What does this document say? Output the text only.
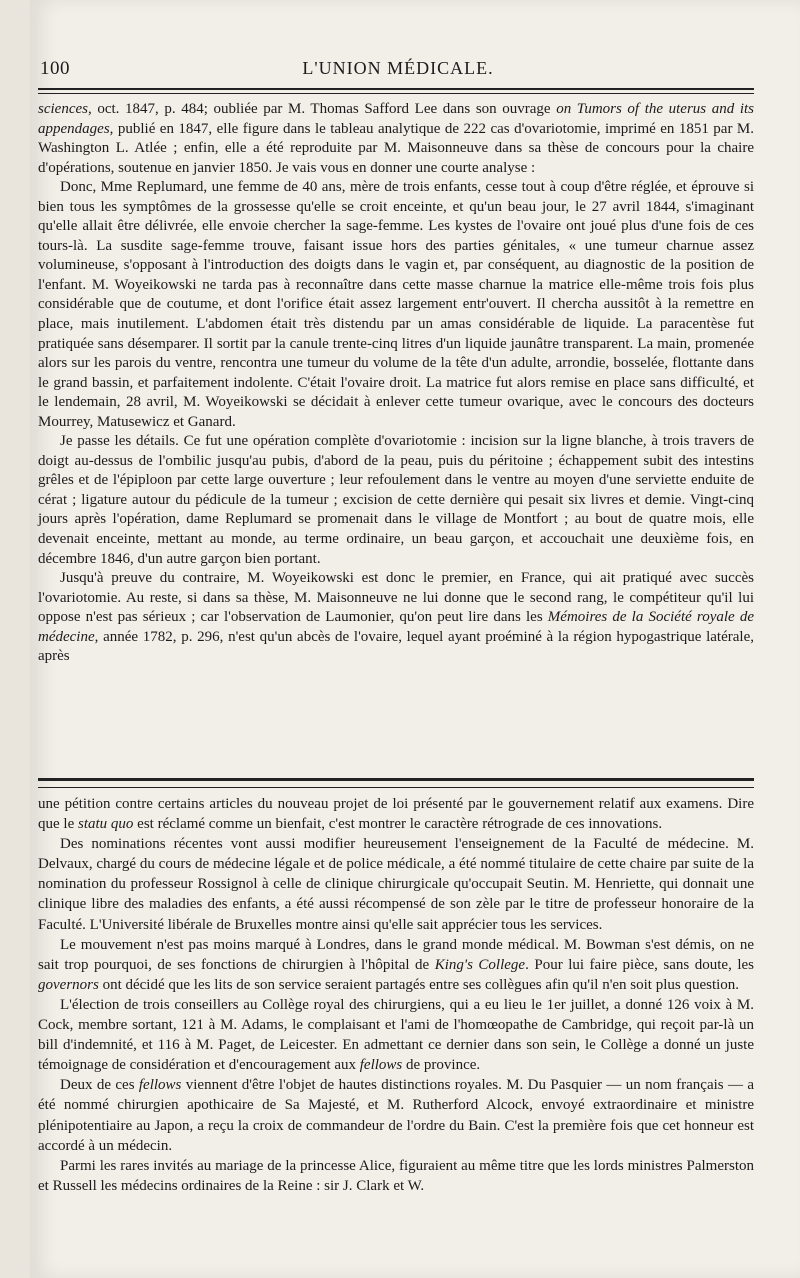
100	L'UNION MÉDICALE.

sciences, oct. 1847, p. 484; oubliée par M. Thomas Safford Lee dans son ouvrage on Tumors of the uterus and its appendages, publié en 1847, elle figure dans le tableau analytique de 222 cas d'ovariotomie, imprimé en 1851 par M. Washington L. Atlée ; enfin, elle a été reproduite par M. Maisonneuve dans sa thèse de concours pour la chaire d'opérations, soutenue en janvier 1850. Je vais vous en donner une courte analyse :

Donc, Mme Replumard, une femme de 40 ans, mère de trois enfants, cesse tout à coup d'être réglée, et éprouve si bien tous les symptômes de la grossesse qu'elle se croit enceinte, et qu'un beau jour, le 27 avril 1844, s'imaginant qu'elle allait être délivrée, elle envoie chercher la sage-femme. Les kystes de l'ovaire ont joué plus d'une fois de ces tours-là. La susdite sage-femme trouve, faisant issue hors des parties génitales, « une tumeur charnue assez volumineuse, s'opposant à l'introduction des doigts dans le vagin et, par conséquent, au diagnostic de la position de l'enfant. M. Woyeikowski ne tarda pas à reconnaître dans cette masse charnue la matrice elle-même trois fois plus considérable que de coutume, et dont l'orifice était assez largement entr'ouvert. Il chercha aussitôt à la remettre en place, mais inutilement. L'abdomen était très distendu par un amas considérable de liquide. La paracentèse fut pratiquée sans désemparer. Il sortit par la canule trente-cinq litres d'un liquide jaunâtre transparent. La main, promenée alors sur les parois du ventre, rencontra une tumeur du volume de la tête d'un adulte, arrondie, bosselée, flottante dans le grand bassin, et parfaitement indolente. C'était l'ovaire droit. La matrice fut alors remise en place sans difficulté, et le lendemain, 28 avril, M. Woyeikowski se décidait à enlever cette tumeur ovarique, avec le concours des docteurs Mourrey, Matusewicz et Ganard.

Je passe les détails. Ce fut une opération complète d'ovariotomie : incision sur la ligne blanche, à trois travers de doigt au-dessus de l'ombilic jusqu'au pubis, d'abord de la peau, puis du péritoine ; échappement subit des intestins grêles et de l'épiploon par cette large ouverture ; leur refoulement dans le ventre au moyen d'une serviette enduite de cérat ; ligature autour du pédicule de la tumeur ; excision de cette dernière qui pesait six livres et demie. Vingt-cinq jours après l'opération, dame Replumard se promenait dans le village de Montfort ; au bout de quatre mois, elle devenait enceinte, mettant au monde, au terme ordinaire, un beau garçon, et accouchait une deuxième fois, en décembre 1846, d'un autre garçon bien portant.

Jusqu'à preuve du contraire, M. Woyeikowski est donc le premier, en France, qui ait pratiqué avec succès l'ovariotomie. Au reste, si dans sa thèse, M. Maisonneuve ne lui donne que le second rang, le compétiteur qu'il lui oppose n'est pas sérieux ; car l'observation de Laumonier, qu'on peut lire dans les Mémoires de la Société royale de médecine, année 1782, p. 296, n'est qu'un abcès de l'ovaire, lequel ayant proéminé à la région hypogastrique latérale, après

une pétition contre certains articles du nouveau projet de loi présenté par le gouvernement relatif aux examens. Dire que le statu quo est réclamé comme un bienfait, c'est montrer le caractère rétrograde de ces innovations.

Des nominations récentes vont aussi modifier heureusement l'enseignement de la Faculté de médecine. M. Delvaux, chargé du cours de médecine légale et de police médicale, a été nommé titulaire de cette chaire par suite de la nomination du professeur Rossignol à celle de clinique chirurgicale qu'occupait Seutin. M. Henriette, qui donnait une clinique libre des maladies des enfants, a été aussi récompensé de son zèle par le titre de professeur honoraire de la Faculté. L'Université libérale de Bruxelles montre ainsi qu'elle sait apprécier tous les services.

Le mouvement n'est pas moins marqué à Londres, dans le grand monde médical. M. Bowman s'est démis, on ne sait trop pourquoi, de ses fonctions de chirurgien à l'hôpital de King's College. Pour lui faire pièce, sans doute, les governors ont décidé que les lits de son service seraient partagés entre ses collègues afin qu'il n'en soit plus question.

L'élection de trois conseillers au Collège royal des chirurgiens, qui a eu lieu le 1er juillet, a donné 126 voix à M. Cock, membre sortant, 121 à M. Adams, le complaisant et l'ami de l'homœopathe de Cambridge, qui reçoit par-là un bill d'indemnité, et 116 à M. Paget, de Leicester. En admettant ce dernier dans son sein, le Collège a donné un juste témoignage de considération et d'encouragement aux fellows de province.

Deux de ces fellows viennent d'être l'objet de hautes distinctions royales. M. Du Pasquier — un nom français — a été nommé chirurgien apothicaire de Sa Majesté, et M. Rutherford Alcock, envoyé extraordinaire et ministre plénipotentiaire au Japon, a reçu la croix de commandeur de l'ordre du Bain. C'est la première fois que cet honneur est accordé à un médecin.

Parmi les rares invités au mariage de la princesse Alice, figuraient au même titre que les lords ministres Palmerston et Russell les médecins ordinaires de la Reine : sir J. Clark et W.
